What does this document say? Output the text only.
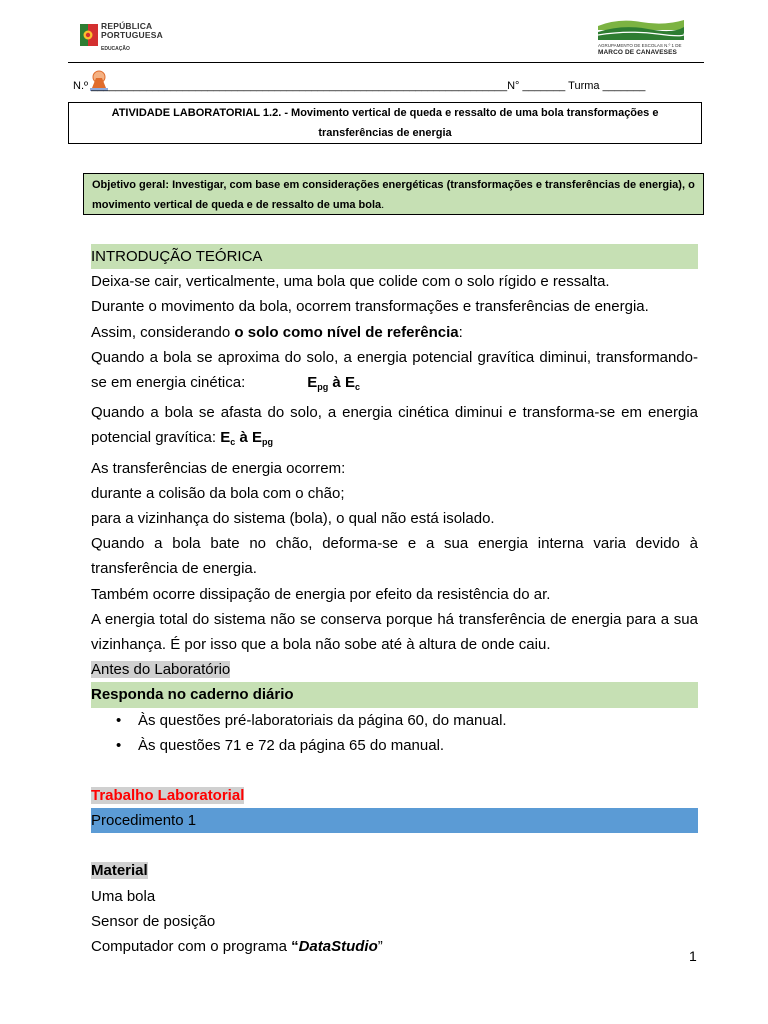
REPÚBLICA
PORTUGUESA
EDUCAÇÃO
AGRUPAMENTO DE ESCOLAS N.º 1 DE
MARCO DE CANAVESES
N.º ____________________________________________________________________N° _______ Turma _______
ATIVIDADE LABORATORIAL 1.2. - Movimento vertical de queda e ressalto de uma bola transformações e transferências de energia
Objetivo geral: Investigar, com base em considerações energéticas (transformações e transferências de energia), o movimento vertical de queda e de ressalto de uma bola.

INTRODUÇÃO TEÓRICA

Deixa-se cair, verticalmente, uma bola que colide com o solo rígido e ressalta.

Durante o movimento da bola, ocorrem transformações e transferências de energia.

Assim, considerando o solo como nível de referência:

Quando a bola se aproxima do solo, a energia potencial gravítica diminui, transformando-se em energia cinética:	$E_{pg}$ à $E_c$

Quando a bola se afasta do solo, a energia cinética diminui e transforma-se em energia potencial gravítica: $E_c$ à $E_{pg}$

As transferências de energia ocorrem:

durante a colisão da bola com o chão;

para a vizinhança do sistema (bola), o qual não está isolado.

Quando a bola bate no chão, deforma-se e a sua energia interna varia devido à transferência de energia.

Também ocorre dissipação de energia por efeito da resistência do ar.

A energia total do sistema não se conserva porque há transferência de energia para a sua vizinhança. É por isso que a bola não sobe até à altura de onde caiu.

Antes do Laboratório

Responda no caderno diário

• Às questões pré-laboratoriais da página 60, do manual.
• Às questões 71 e 72 da página 65 do manual.

Trabalho Laboratorial

Procedimento 1

Material

Uma bola

Sensor de posição

Computador com o programa “DataStudio”

1
